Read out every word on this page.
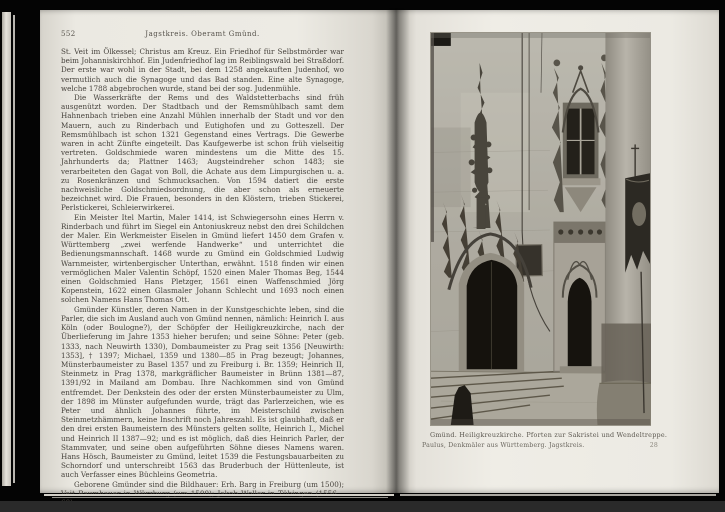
552	Jagstkreis. Oberamt Gmünd.

St. Veit im Ölkessel; Christus am Kreuz. Ein Friedhof für Selbstmörder war beim Johanniskirchhof. Ein Judenfriedhof lag im Reiblingswald bei Straßdorf. Der erste war wohl in der Stadt, bei dem 1258 angekauften Judenhof, wo vermutlich auch die Synagoge und das Bad standen. Eine alte Synagoge, welche 1788 abgebrochen wurde, stand bei der sog. Judenmühle.

Die Wasserkräfte der Rems und des Waldstetterbachs sind früh ausgenützt worden. Der Stadtbach und der Remsmühlbach samt dem Hahnenbach trieben eine Anzahl Mühlen innerhalb der Stadt und vor den Mauern, auch zu Rinderbach und Eutighofen und zu Gotteszell. Der Remsmühlbach ist schon 1321 Gegenstand eines Vertrags. Die Gewerbe waren in acht Zünfte eingeteilt. Das Kaufgewerbe ist schon früh vielseitig vertreten. Goldschmiede waren mindestens um die Mitte des 15. Jahrhunderts da; Plattner 1463; Augsteindreher schon 1483; sie verarbeiteten den Gagat von Boll, die Achate aus dem Limpurgischen u. a. zu Rosenkränzen und Schmucksachen. Von 1594 datiert die erste nachweisliche Goldschmiedsordnung, die aber schon als erneuerte bezeichnet wird. Die Frauen, besonders in den Klöstern, trieben Stickerei, Perlstickerei, Schleierwirkerei.

Ein Meister Itel Martin, Maler 1414, ist Schwiegersohn eines Herrn v. Rinderbach und führt im Siegel ein Antoniuskreuz nebst den drei Schildchen der Maler. Ein Werkmeister Eiselen in Gmünd liefert 1450 dem Grafen v. Württemberg „zwei werfende Handwerke“ und unterrichtet die Bedienungsmannschaft. 1468 wurde zu Gmünd ein Goldschmied Ludwig Warnmeister, wirtenbergischer Unterthan, erwähnt. 1518 finden wir einen vermöglichen Maler Valentin Schöpf, 1520 einen Maler Thomas Beg, 1544 einen Goldschmied Hans Pletzger, 1561 einen Waffenschmied Jörg Kopenstein, 1622 einen Glasmaler Johann Schlecht und 1693 noch einen solchen Namens Hans Thomas Ott.

Gmünder Künstler, deren Namen in der Kunstgeschichte leben, sind die Parler, die sich im Ausland auch von Gmünd nennen, nämlich: Heinrich I. aus Köln (oder Boulogne?), der Schöpfer der Heiligkreuzkirche, nach der Überlieferung im Jahre 1353 hieher berufen; und seine Söhne: Peter (geb. 1333, nach Neuwirth 1330), Dombaumeister zu Prag seit 1356 [Neuwirth: 1353], † 1397; Michael, 1359 und 1380—85 in Prag bezeugt; Johannes, Münsterbaumeister zu Basel 1357 und zu Freiburg i. Br. 1359; Heinrich II, Steinmetz in Prag 1378, markgräflicher Baumeister in Brünn 1381—87, 1391/92 in Mailand am Dombau. Ihre Nachkommen sind von Gmünd entfremdet. Der Denkstein des oder der ersten Münsterbaumeister zu Ulm, der 1898 im Münster aufgefunden wurde, trägt das Parlerzeichen, wie es Peter und ähnlich Johannes führte, im Meisterschild zwischen Steinmetzhämmern, keine Inschrift noch Jahreszahl. Es ist glaubhaft, daß er den drei ersten Baumeistern des Münsters gelten sollte, Heinrich I., Michel und Heinrich II 1387—92; und es ist möglich, daß dies Heinrich Parler, der Stammvater, und seine oben aufgeführten Söhne dieses Namens waren. Hans Hösch, Baumeister zu Gmünd, leitet 1539 die Festungsbauarbeiten zu Schorndorf und unterschreibt 1563 das Bruderbuch der Hüttenleute, ist auch Verfasser eines Büchleins Geometria.

Geborene Gmünder sind die Bildhauer: Erh. Barg in Freiburg (um 1500);

Gmünd. Heiligkreuzkirche. Pforten zur Sakristei und Wendeltreppe.
Paulus, Denkmäler aus Württemberg. Jagstkreis.	28
